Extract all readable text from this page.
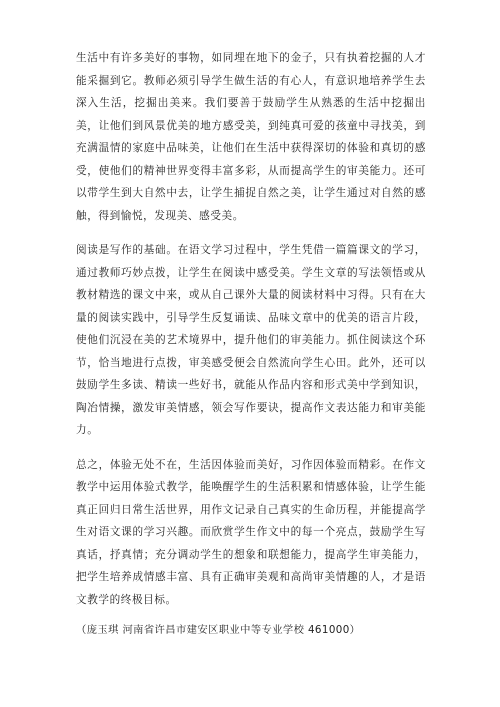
生活中有许多美好的事物，如同埋在地下的金子，只有执着挖掘的人才能采掘到它。教师必须引导学生做生活的有心人，有意识地培养学生去深入生活，挖掘出美来。我们要善于鼓励学生从熟悉的生活中挖掘出美，让他们到风景优美的地方感受美，到纯真可爱的孩童中寻找美，到充满温情的家庭中品味美，让他们在生活中获得深切的体验和真切的感受，使他们的精神世界变得丰富多彩，从而提高学生的审美能力。还可以带学生到大自然中去，让学生捕捉自然之美，让学生通过对自然的感触，得到愉悦，发现美、感受美。

阅读是写作的基础。在语文学习过程中，学生凭借一篇篇课文的学习，通过教师巧妙点拨，让学生在阅读中感受美。学生文章的写法领悟或从教材精选的课文中来，或从自己课外大量的阅读材料中习得。只有在大量的阅读实践中，引导学生反复诵读、品味文章中的优美的语言片段，使他们沉浸在美的艺术境界中，提升他们的审美能力。抓住阅读这个环节，恰当地进行点拨，审美感受便会自然流向学生心田。此外，还可以鼓励学生多读、精读一些好书，就能从作品内容和形式美中学到知识，陶冶情操，激发审美情感，领会写作要诀，提高作文表达能力和审美能力。

总之，体验无处不在，生活因体验而美好，习作因体验而精彩。在作文教学中运用体验式教学，能唤醒学生的生活积累和情感体验，让学生能真正回归日常生活世界，用作文记录自己真实的生命历程，并能提高学生对语文课的学习兴趣。而欣赏学生作文中的每一个亮点，鼓励学生写真话，抒真情；充分调动学生的想象和联想能力，提高学生审美能力，把学生培养成情感丰富、具有正确审美观和高尚审美情趣的人，才是语文教学的终极目标。

（庞玉琪 河南省许昌市建安区职业中等专业学校 461000）
